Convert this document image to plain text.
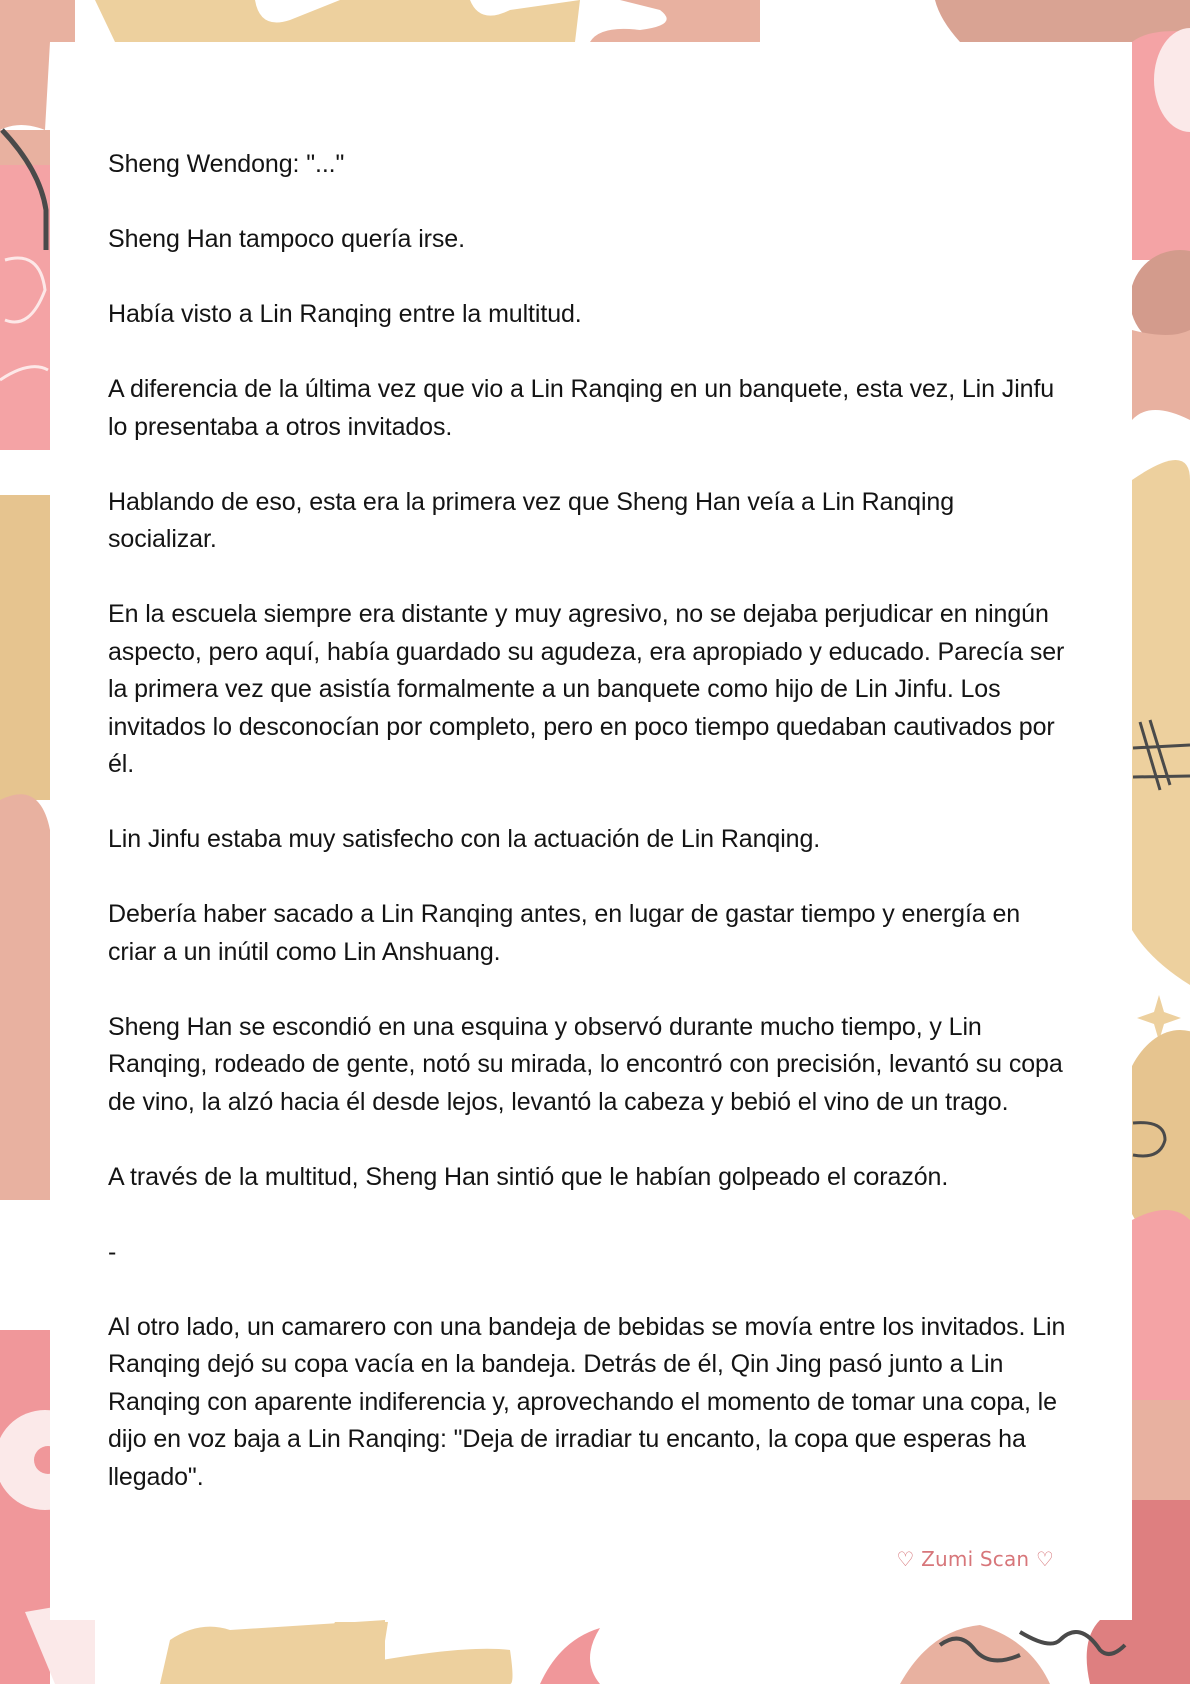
Sheng Wendong: "..."

Sheng Han tampoco quería irse.

Había visto a Lin Ranqing entre la multitud.

A diferencia de la última vez que vio a Lin Ranqing en un banquete, esta vez, Lin Jinfu lo presentaba a otros invitados.

Hablando de eso, esta era la primera vez que Sheng Han veía a Lin Ranqing socializar.

En la escuela siempre era distante y muy agresivo, no se dejaba perjudicar en ningún aspecto, pero aquí, había guardado su agudeza, era apropiado y educado. Parecía ser la primera vez que asistía formalmente a un banquete como hijo de Lin Jinfu. Los invitados lo desconocían por completo, pero en poco tiempo quedaban cautivados por él.

Lin Jinfu estaba muy satisfecho con la actuación de Lin Ranqing.

Debería haber sacado a Lin Ranqing antes, en lugar de gastar tiempo y energía en criar a un inútil como Lin Anshuang.

Sheng Han se escondió en una esquina y observó durante mucho tiempo, y Lin Ranqing, rodeado de gente, notó su mirada, lo encontró con precisión, levantó su copa de vino, la alzó hacia él desde lejos, levantó la cabeza y bebió el vino de un trago.

A través de la multitud, Sheng Han sintió que le habían golpeado el corazón.

-

Al otro lado, un camarero con una bandeja de bebidas se movía entre los invitados. Lin Ranqing dejó su copa vacía en la bandeja. Detrás de él, Qin Jing pasó junto a Lin Ranqing con aparente indiferencia y, aprovechando el momento de tomar una copa, le dijo en voz baja a Lin Ranqing: "Deja de irradiar tu encanto, la copa que esperas ha llegado".

♡ Zumi Scan ♡
